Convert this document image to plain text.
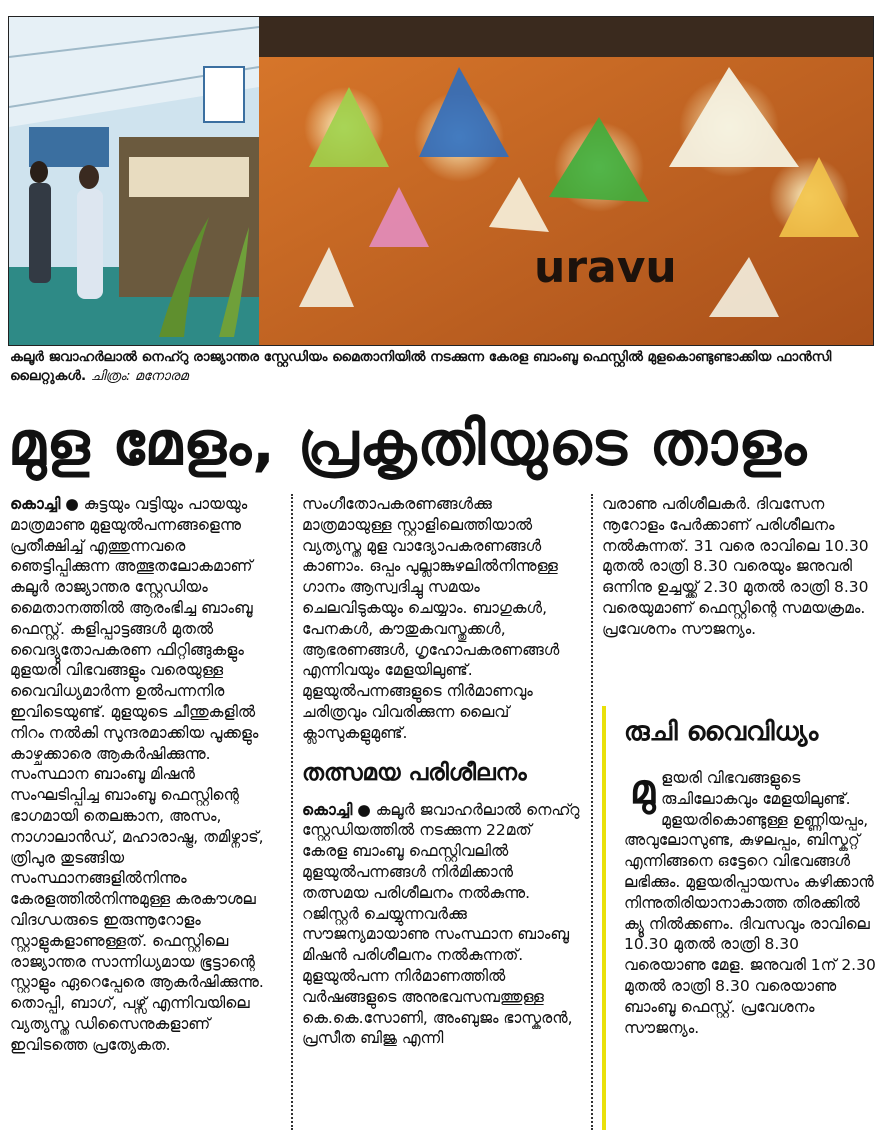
uravu
കലൂർ ജവാഹർലാൽ നെഹ്റു രാജ്യാന്തര സ്റ്റേഡിയം മൈതാനിയിൽ നടക്കുന്ന കേരള ബാംബൂ ഫെസ്റ്റിൽ മുളകൊണ്ടുണ്ടാക്കിയ ഫാൻസി ലൈറ്റുകൾ. ചിത്രം: മനോരമ
മുള മേളം, പ്രകൃതിയുടെ താളം

കൊച്ചി ● കുട്ടയും വട്ടിയും പായയും മാത്രമാണു മുളയുൽപന്നങ്ങളെന്നു പ്രതീക്ഷിച്ച് എത്തുന്നവരെ ഞെട്ടിപ്പിക്കുന്ന അത്ഭുതലോകമാണ് കലൂർ രാജ്യാന്തര സ്റ്റേഡിയം മൈതാനത്തിൽ ആരംഭിച്ച ബാംബൂ ഫെസ്റ്റ്. കളിപ്പാട്ടങ്ങൾ മുതൽ വൈദ്യുതോപകരണ ഫിറ്റിങ്ങുകളും മുളയരി വിഭവങ്ങളും വരെയുള്ള വൈവിധ്യമാർന്ന ഉൽപന്നനിര ഇവിടെയുണ്ട്. മുളയുടെ ചീന്തുകളിൽ നിറം നൽകി സുന്ദരമാക്കിയ പൂക്കളും കാഴ്ചക്കാരെ ആകർഷിക്കുന്നു. സംസ്ഥാന ബാംബൂ മിഷൻ സംഘടിപ്പിച്ച ബാംബൂ ഫെസ്റ്റിന്റെ ഭാഗമായി തെലങ്കാന, അസം, നാഗാലാൻഡ്, മഹാരാഷ്ട്ര, തമിഴ്നാട്, ത്രിപുര തുടങ്ങിയ സംസ്ഥാനങ്ങളിൽനിന്നും കേരളത്തിൽനിന്നുമുള്ള കരകൗശല വിദഗ്ധരുടെ ഇരുന്നൂറോളം സ്റ്റാളുകളാണുള്ളത്. ഫെസ്റ്റിലെ രാജ്യാന്തര സാന്നിധ്യമായ ഭൂട്ടാന്റെ സ്റ്റാളും ഏറെപ്പേരെ ആകർഷിക്കുന്നു. തൊപ്പി, ബാഗ്, പഴ്സ് എന്നിവയിലെ വ്യത്യസ്ത ഡിസൈനുകളാണ് ഇവിടത്തെ പ്രത്യേകത.

സംഗീതോപകരണങ്ങൾക്കു മാത്രമായുള്ള സ്റ്റാളിലെത്തിയാൽ വ്യത്യസ്ത മുള വാദ്യോപകരണങ്ങൾ കാണാം. ഒപ്പം പുല്ലാങ്കുഴലിൽനിന്നുള്ള ഗാനം ആസ്വദിച്ചു സമയം ചെലവിടുകയും ചെയ്യാം. ബാഗുകൾ, പേനകൾ, കൗതുകവസ്തുക്കൾ, ആഭരണങ്ങൾ, ഗൃഹോപകരണങ്ങൾ എന്നിവയും മേളയിലുണ്ട്. മുളയുൽപന്നങ്ങളുടെ നിർമാണവും ചരിത്രവും വിവരിക്കുന്ന ലൈവ് ക്ലാസുകളുമുണ്ട്.

തത്സമയ പരിശീലനം

കൊച്ചി ● കലൂർ ജവാഹർലാൽ നെഹ്റു സ്റ്റേഡിയത്തിൽ നടക്കുന്ന 22മത് കേരള ബാംബൂ ഫെസ്റ്റിവലിൽ മുളയുൽപന്നങ്ങൾ നിർമിക്കാൻ തത്സമയ പരിശീലനം നൽകുന്നു. റജിസ്റ്റർ ചെയ്യുന്നവർക്കു സൗജന്യമായാണു സംസ്ഥാന ബാംബൂ മിഷൻ പരിശീലനം നൽകുന്നത്. മുളയുൽപന്ന നിർമാണത്തിൽ വർഷങ്ങളുടെ അനുഭവസമ്പത്തുള്ള കെ.കെ.സോണി, അംബുജം ഭാസ്കരൻ, പ്രസീത ബിജു എന്നി

വരാണു പരിശീലകർ. ദിവസേന നൂറോളം പേർക്കാണ് പരിശീലനം നൽകുന്നത്. 31 വരെ രാവിലെ 10.30 മുതൽ രാത്രി 8.30 വരെയും ജനുവരി ഒന്നിനു ഉച്ചയ്ക്ക് 2.30 മുതൽ രാത്രി 8.30 വരെയുമാണ് ഫെസ്റ്റിന്റെ സമയക്രമം. പ്രവേശനം സൗജന്യം.

രുചി വൈവിധ്യം
മു ളയരി വിഭവങ്ങളുടെ രുചിലോകവും മേളയിലുണ്ട്. മുളയരികൊണ്ടുള്ള ഉണ്ണിയപ്പം, അവുലോസുണ്ട, കുഴലപ്പം, ബിസ്കറ്റ് എന്നിങ്ങനെ ഒട്ടേറെ വിഭവങ്ങൾ ലഭിക്കും. മുളയരിപ്പായസം കഴിക്കാൻ നിന്നുതിരിയാനാകാത്ത തിരക്കിൽ ക്യൂ നിൽക്കണം. ദിവസവും രാവിലെ 10.30 മുതൽ രാത്രി 8.30 വരെയാണു മേള. ജനുവരി 1ന് 2.30 മുതൽ രാത്രി 8.30 വരെയാണു ബാംബൂ ഫെസ്റ്റ്. പ്രവേശനം സൗജന്യം.
